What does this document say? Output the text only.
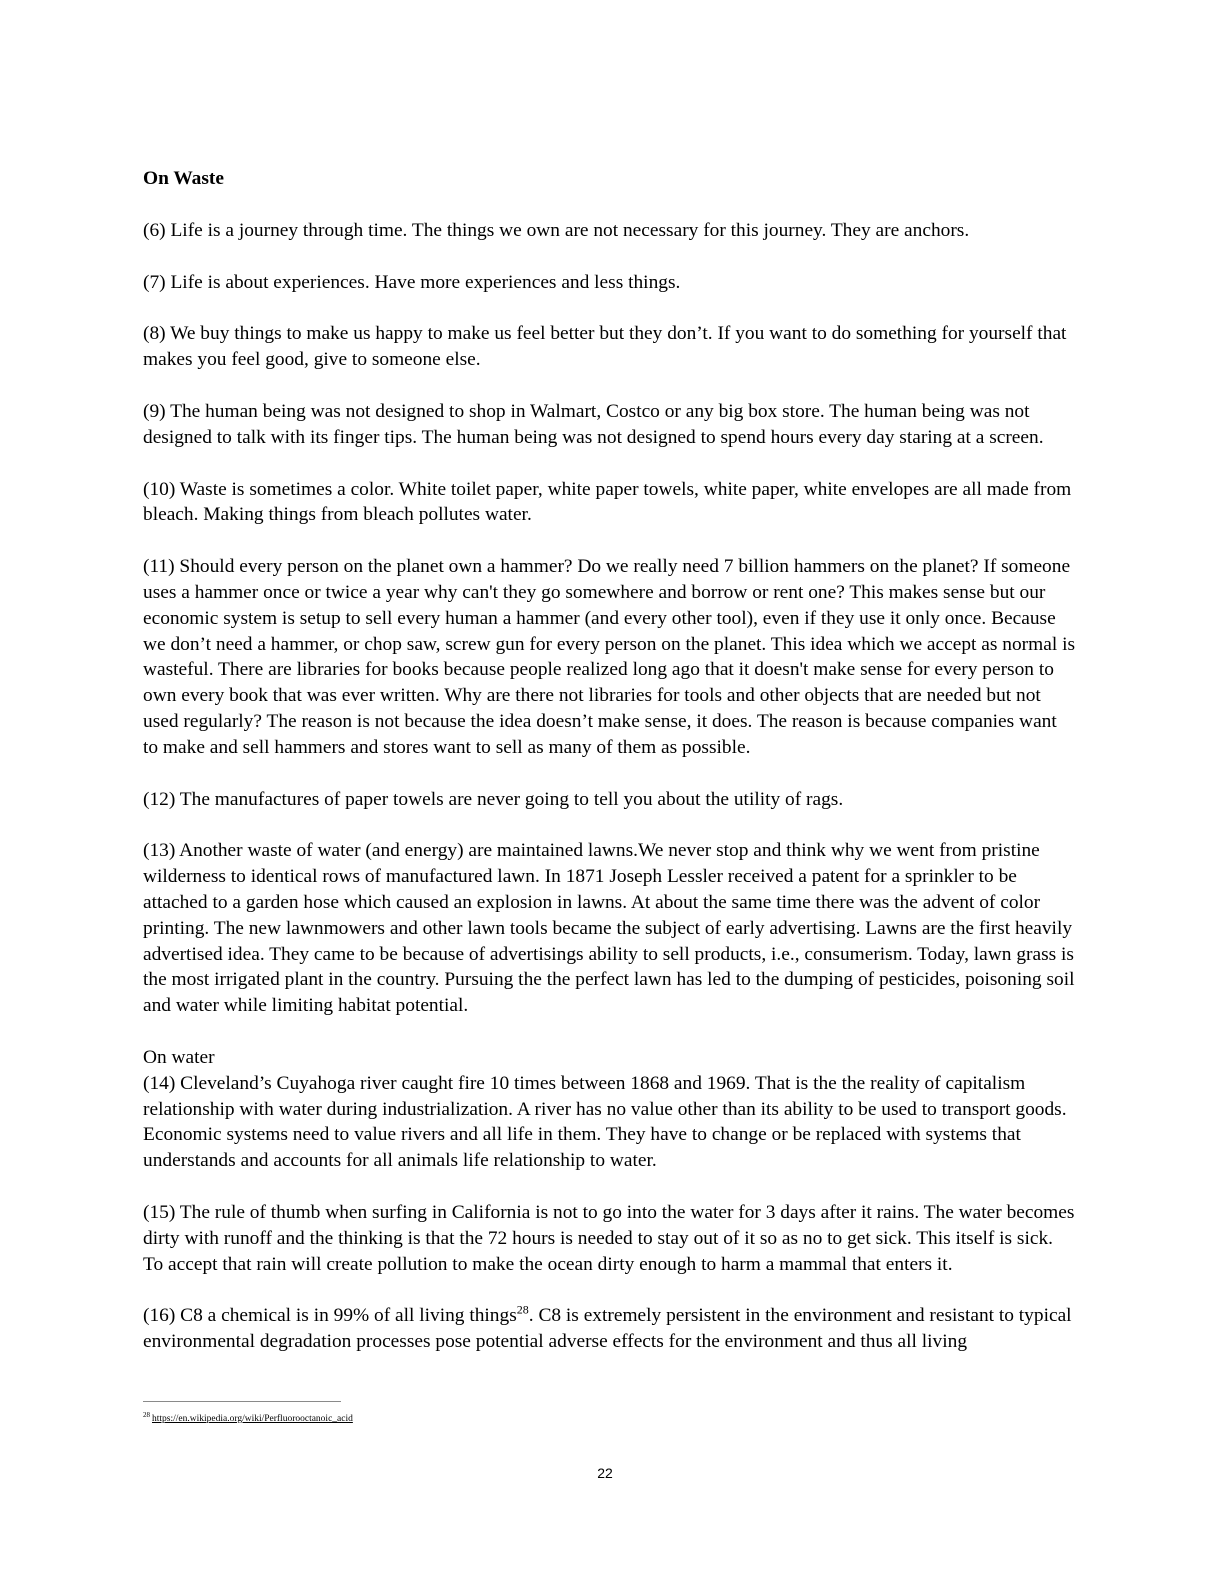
On Waste

(6) Life is a journey through time. The things we own are not necessary for this journey. They are anchors.

(7) Life is about experiences. Have more experiences and less things.

(8) We buy things to make us happy to make us feel better but they don’t. If you want to do something for yourself that makes you feel good, give to someone else.

(9) The human being was not designed to shop in Walmart, Costco or any big box store. The human being was not designed to talk with its finger tips. The human being was not designed to spend hours every day staring at a screen.

(10) Waste is sometimes a color. White toilet paper, white paper towels, white paper, white envelopes are all made from bleach. Making things from bleach pollutes water.

(11) Should every person on the planet own a hammer? Do we really need 7 billion hammers on the planet? If someone uses a hammer once or twice a year why can't they go somewhere and borrow or rent one? This makes sense but our economic system is setup to sell every human a hammer (and every other tool), even if they use it only once. Because we don’t need a hammer, or chop saw, screw gun for every person on the planet. This idea which we accept as normal is wasteful. There are libraries for books because people realized long ago that it doesn't make sense for every person to own every book that was ever written. Why are there not libraries for tools and other objects that are needed but not used regularly? The reason is not because the idea doesn’t make sense, it does. The reason is because companies want to make and sell hammers and stores want to sell as many of them as possible.

(12) The manufactures of paper towels are never going to tell you about the utility of rags.

(13) Another waste of water (and energy) are maintained lawns.We never stop and think why we went from pristine wilderness to identical rows of manufactured lawn. In 1871 Joseph Lessler received a patent for a sprinkler to be attached to a garden hose which caused an explosion in lawns. At about the same time there was the advent of color printing. The new lawnmowers and other lawn tools became the subject of early advertising. Lawns are the first heavily advertised idea. They came to be because of advertisings ability to sell products, i.e., consumerism. Today, lawn grass is the most irrigated plant in the country. Pursuing the the perfect lawn has led to the dumping of pesticides, poisoning soil and water while limiting habitat potential.

On water

(14) Cleveland’s Cuyahoga river caught fire 10 times between 1868 and 1969. That is the the reality of capitalism relationship with water during industrialization. A river has no value other than its ability to be used to transport goods. Economic systems need to value rivers and all life in them. They have to change or be replaced with systems that understands and accounts for all animals life relationship to water.

(15) The rule of thumb when surfing in California is not to go into the water for 3 days after it rains. The water becomes dirty with runoff and the thinking is that the 72 hours is needed to stay out of it so as no to get sick. This itself is sick. To accept that rain will create pollution to make the ocean dirty enough to harm a mammal that enters it.

(16) C8 a chemical is in 99% of all living things$^{28}$. C8 is extremely persistent in the environment and resistant to typical environmental degradation processes pose potential adverse effects for the environment and thus all living

$^{28}$ https://en.wikipedia.org/wiki/Perfluorooctanoic_acid
22
